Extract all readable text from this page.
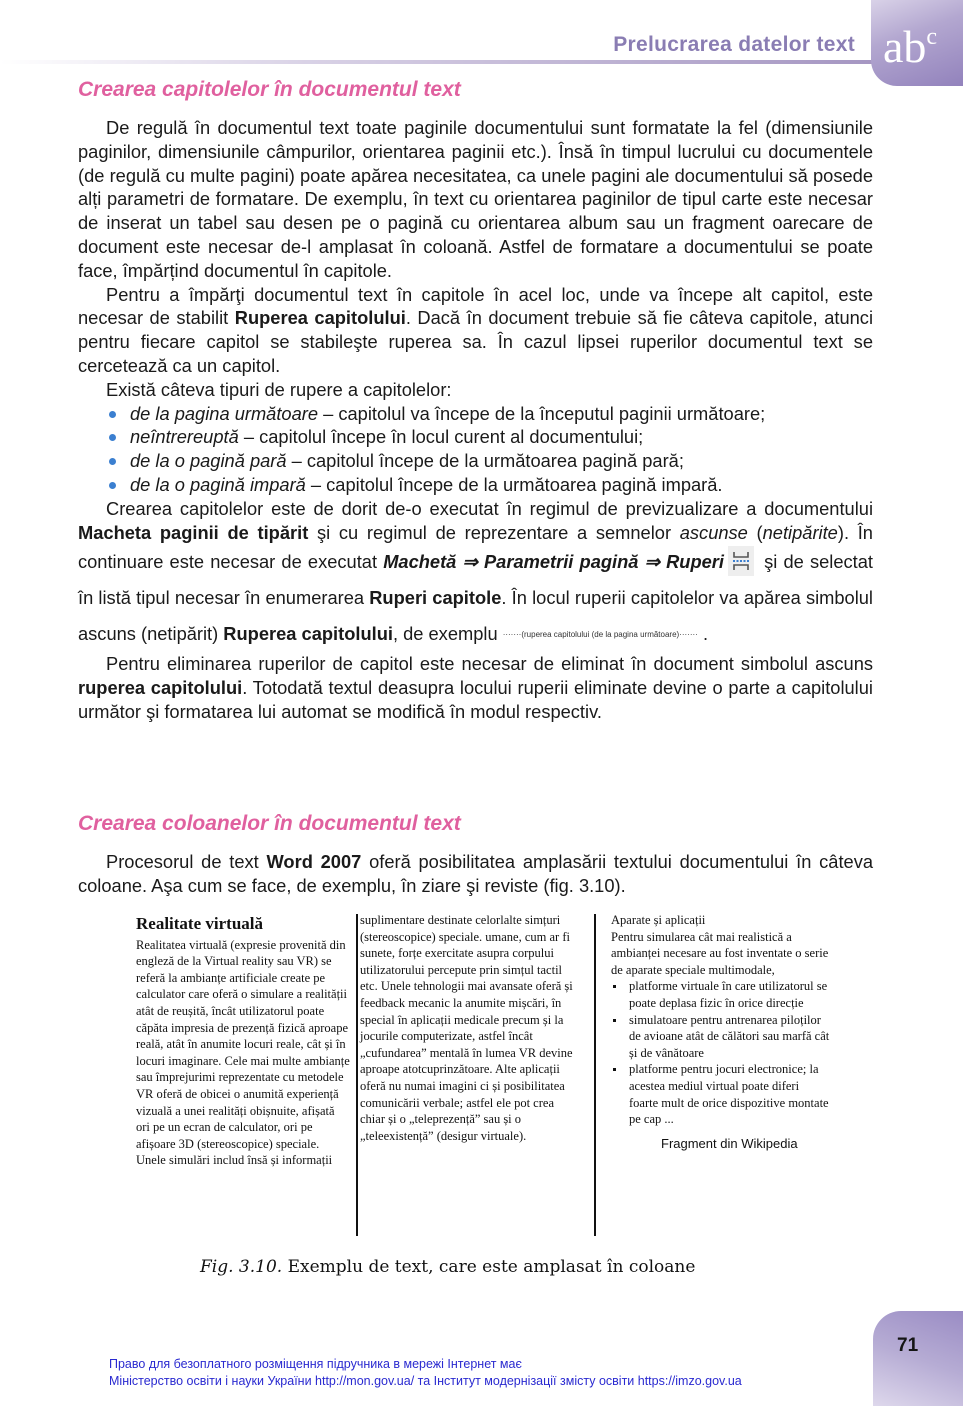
Prelucrarea datelor text $ab^c$
Crearea capitolelor în documentul text

De regulă în documentul text toate paginile documentului sunt formatate la fel (dimensiunile paginilor, dimensiunile câmpurilor, orientarea paginii etc.). Însă în timpul lucrului cu documentele (de regulă cu multe pagini) poate apărea necesitatea, ca unele pagini ale documentului să posede alți parametri de formatare. De exemplu, în text cu orientarea paginilor de tipul carte este necesar de inserat un tabel sau desen pe o pagină cu orientarea album sau un fragment oarecare de document este necesar de-l amplasat în coloană. Astfel de formatare a documentului se poate face, împărțind documentul în capitole.

Pentru a împărţi documentul text în capitole în acel loc, unde va începe alt capitol, este necesar de stabilit Ruperea capitolului. Dacă în document trebuie să fie câteva capitole, atunci pentru fiecare capitol se stabileşte ruperea sa. În cazul lipsei ruperilor documentul text se cercetează ca un capitol.

Există câteva tipuri de rupere a capitolelor:

de la pagina următoare – capitolul va începe de la începutul paginii următoare;
neîntrereuptă – capitolul începe în locul curent al documentului;
de la o pagină pară – capitolul începe de la următoarea pagină pară;
de la o pagină impară – capitolul începe de la următoarea pagină impară.

Crearea capitolelor este de dorit de-o executat în regimul de previzualizare a documentului Macheta paginii de tipărit şi cu regimul de reprezentare a semnelor ascunse (netipărite). În continuare este necesar de executat Machetă ⇒ Parametrii pagină ⇒ Ruperi
şi de selectat în listă tipul necesar în enumerarea Ruperi capitole. În locul ruperii capitolelor va apărea simbolul ascuns (netipărit) Ruperea capitolului, de exemplu ·······(ruperea capitolului (de la pagina următoare)······· .

Pentru eliminarea ruperilor de capitol este necesar de eliminat în document simbolul ascuns ruperea capitolului. Totodată textul deasupra locului ruperii eliminate devine o parte a capitolului următor şi formatarea lui automat se modifică în modul respectiv.

Crearea coloanelor în documentul text

Procesorul de text Word 2007 oferă posibilitatea amplasării textului documentului în câteva coloane. Aşa cum se face, de exemplu, în ziare şi reviste (fig. 3.10).

Realitate virtuală
Realitatea virtuală (expresie provenită din engleză de la Virtual reality sau VR) se referă la ambianțe artificiale create pe calculator care oferă o simulare a realității atât de reușită, încât utilizatorul poate căpăta impresia de prezență fizică aproape reală, atât în anumite locuri reale, cât și în locuri imaginare. Cele mai multe ambianțe sau împrejurimi reprezentate cu metodele VR oferă de obicei o anumită experiență vizuală a unei realități obișnuite, afișată ori pe un ecran de calculator, ori pe afișoare 3D (stereoscopice) speciale. Unele simulări includ însă și informații
suplimentare destinate celorlalte simțuri (stereoscopice) speciale. umane, cum ar fi sunete, forțe exercitate asupra corpului utilizatorului percepute prin simțul tactil etc. Unele tehnologii mai avansate oferă și feedback mecanic la anumite mișcări, în special în aplicații medicale precum și la jocurile computerizate, astfel încât „cufundarea” mentală în lumea VR devine aproape atotcuprinzătoare. Alte aplicații oferă nu numai imagini ci și posibilitatea comunicării verbale; astfel ele pot crea chiar și o „teleprezență” sau și o „teleexistență” (desigur virtuale).
Aparate și aplicații
Pentru simularea cât mai realistică a ambianței necesare au fost inventate o serie de aparate speciale multimodale,
platforme virtuale în care utilizatorul se poate deplasa fizic în orice direcție
simulatoare pentru antrenarea piloților de avioane atât de călători sau marfă cât și de vânătoare
platforme pentru jocuri electronice; la acestea mediul virtual poate diferi foarte mult de orice dispozitive montate pe cap ...
Fragment din Wikipedia
Fig. 3.10. Exemplu de text, care este amplasat în coloane
Право для безоплатного розміщення підручника в мережі Інтернет має
Міністерство освіти і науки України http://mon.gov.ua/ та Інститут модернізації змісту освіти https://imzo.gov.ua
71
